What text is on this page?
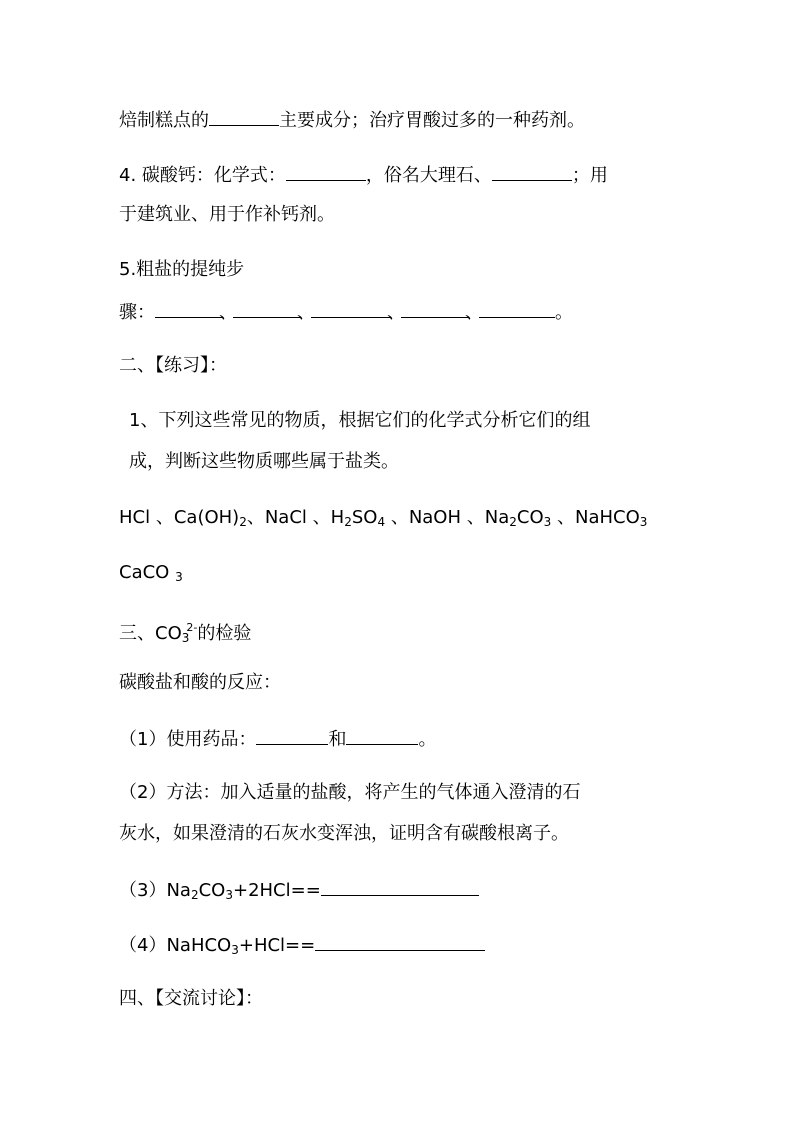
焙制糕点的	主要成分；治疗胃酸过多的一种药剂。
4. 碳酸钙：化学式：	，俗名大理石、	；用
于建筑业、用于作补钙剂。
5.粗盐的提纯步
骤：	、	、	、	、	。
二、【练习】：
1、下列这些常见的物质，根据它们的化学式分析它们的组
成，判断这些物质哪些属于盐类。
HCl 、$Ca(OH)_2$、NaCl 、$H_2SO_4$ 、NaOH 、$Na_2CO_3$ 、NaHCO$_3$
CaCO $_3$
三、$CO_3^{2-}$的检验
碳酸盐和酸的反应：
（1）使用药品：	和	。
（2）方法：加入适量的盐酸，将产生的气体通入澄清的石
灰水，如果澄清的石灰水变浑浊，证明含有碳酸根离子。
$(3)Na_2CO_3+2HCl==$
（4）NaHCO$_3$+HCl==
四、【交流讨论】：
